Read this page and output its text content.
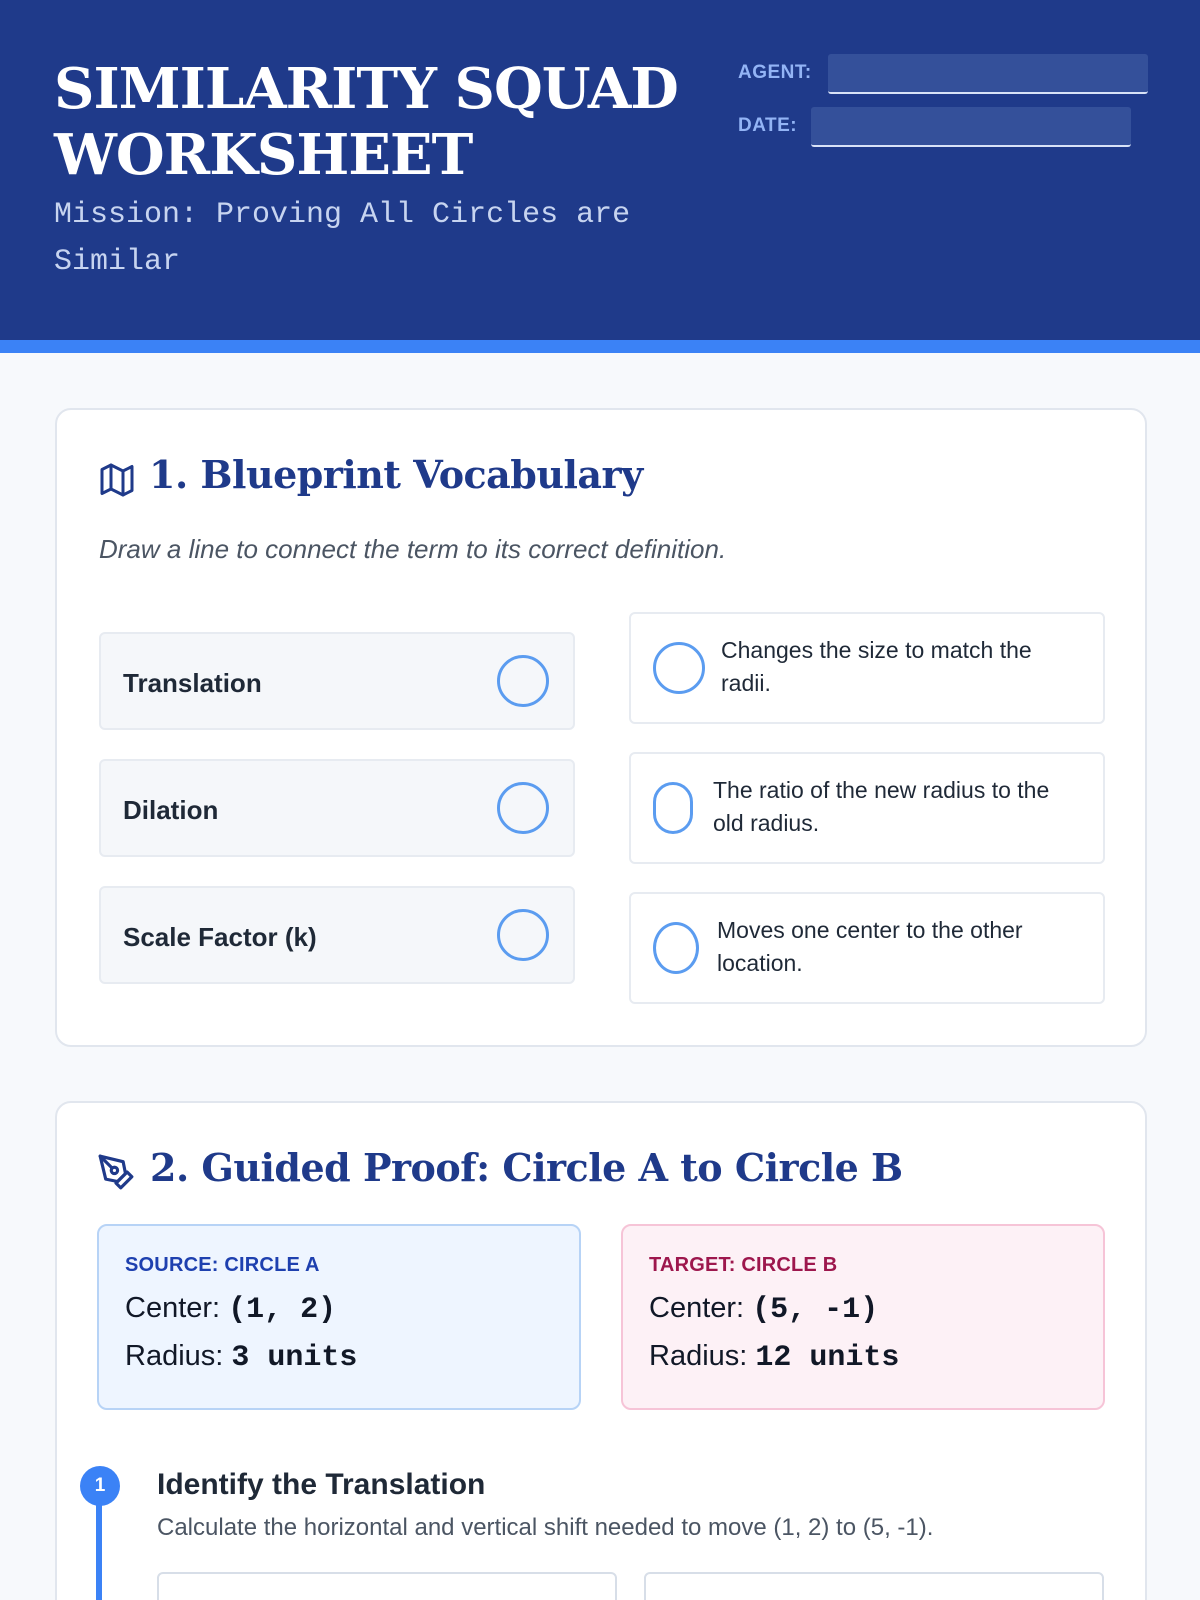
SIMILARITY SQUAD WORKSHEET
Mission: Proving All Circles are Similar
AGENT:
DATE:
1. Blueprint Vocabulary
Draw a line to connect the term to its correct definition.
Translation
Dilation
Scale Factor (k)
Changes the size to match the radii.
The ratio of the new radius to the old radius.
Moves one center to the other location.
2. Guided Proof: Circle A to Circle B
SOURCE: CIRCLE A
Center: (1, 2)
Radius: 3 units
TARGET: CIRCLE B
Center: (5, -1)
Radius: 12 units
1	Identify the Translation
Calculate the horizontal and vertical shift needed to move (1, 2) to (5, -1).
